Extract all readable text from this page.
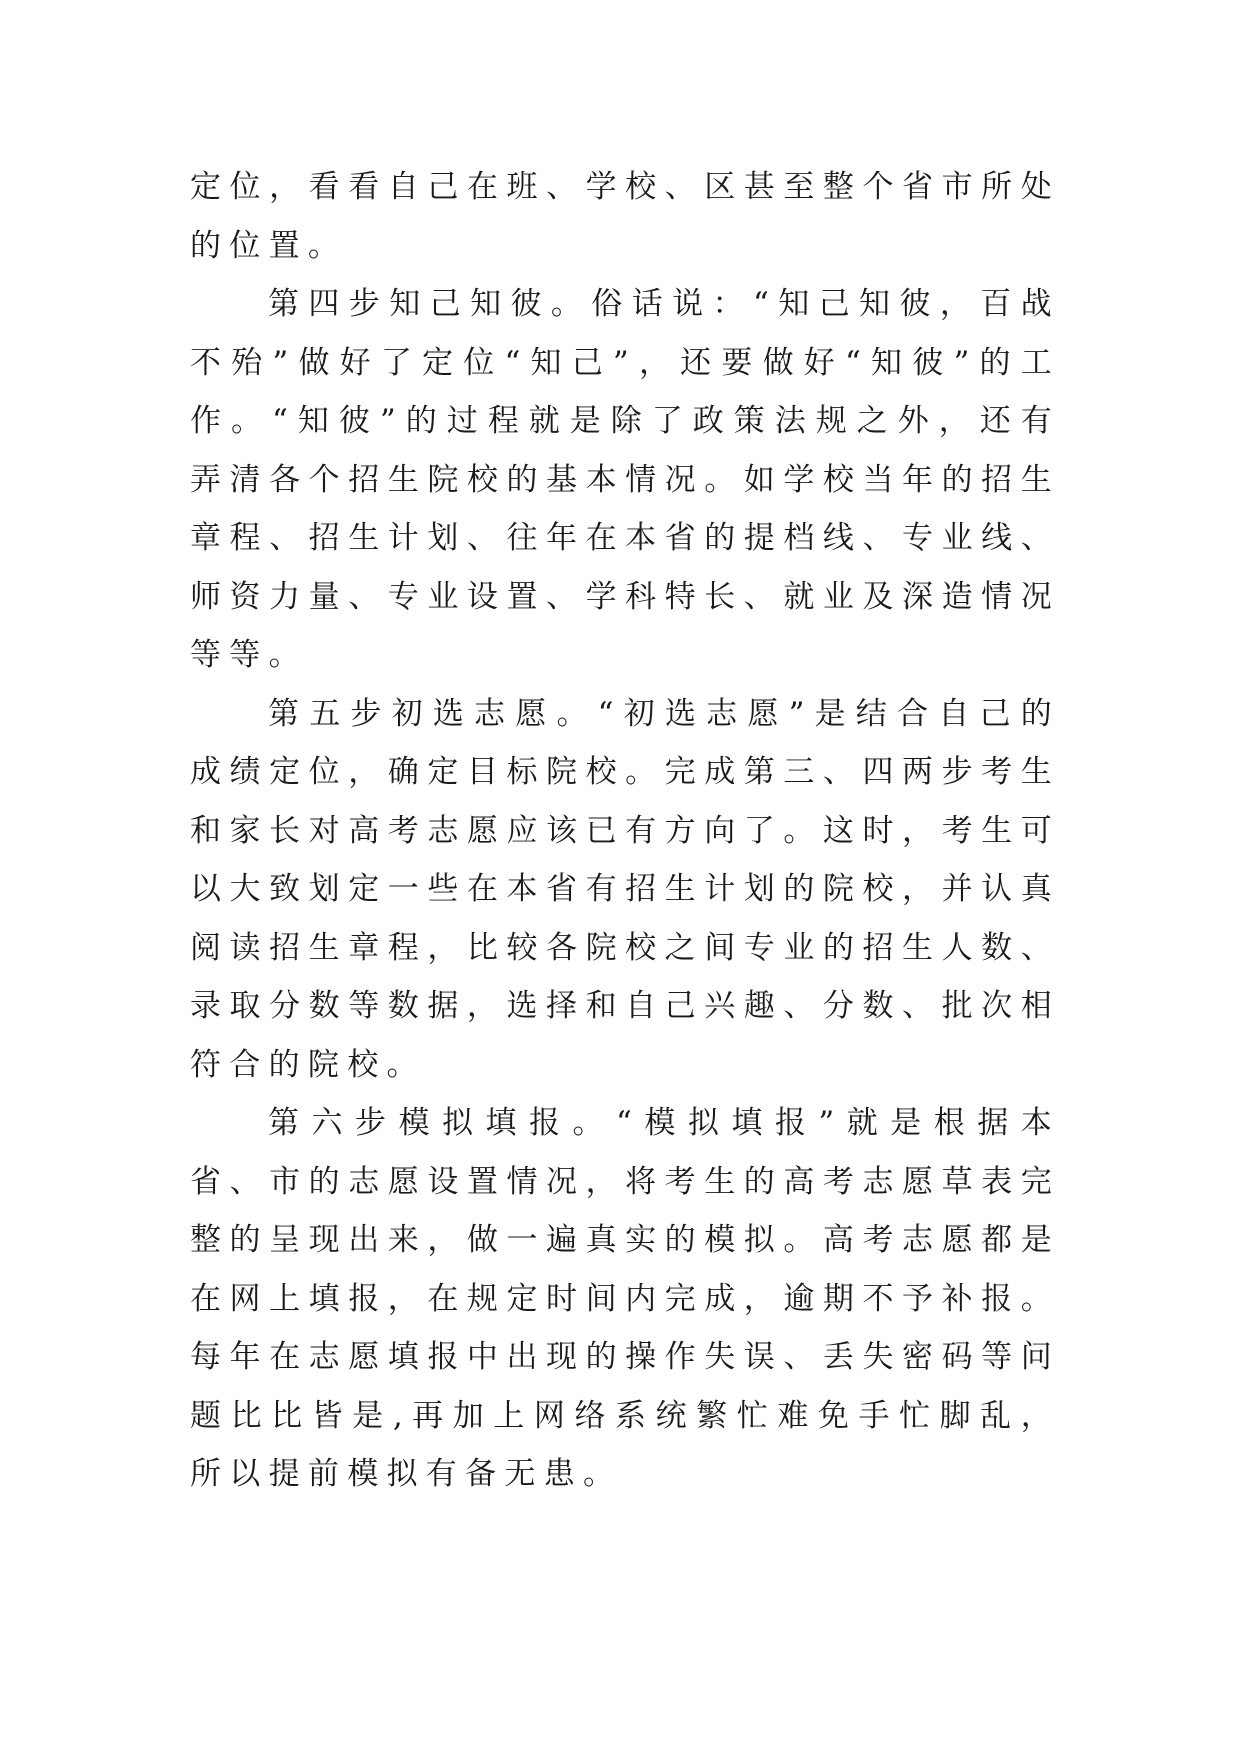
定位，看看自己在班、学校、区甚至整个省市所处的位置。

第四步知己知彼。俗话说：“知己知彼，百战不殆”做好了定位“知己”，还要做好“知彼”的工作。“知彼”的过程就是除了政策法规之外，还有弄清各个招生院校的基本情况。如学校当年的招生章程、招生计划、往年在本省的提档线、专业线、师资力量、专业设置、学科特长、就业及深造情况等等。

第五步初选志愿。“初选志愿”是结合自己的成绩定位，确定目标院校。完成第三、四两步考生和家长对高考志愿应该已有方向了。这时，考生可以大致划定一些在本省有招生计划的院校，并认真阅读招生章程，比较各院校之间专业的招生人数、录取分数等数据，选择和自己兴趣、分数、批次相符合的院校。

第六步模拟填报。“模拟填报”就是根据本省、市的志愿设置情况，将考生的高考志愿草表完整的呈现出来，做一遍真实的模拟。高考志愿都是在网上填报，在规定时间内完成，逾期不予补报。每年在志愿填报中出现的操作失误、丢失密码等问题比比皆是,再加上网络系统繁忙难免手忙脚乱，所以提前模拟有备无患。
